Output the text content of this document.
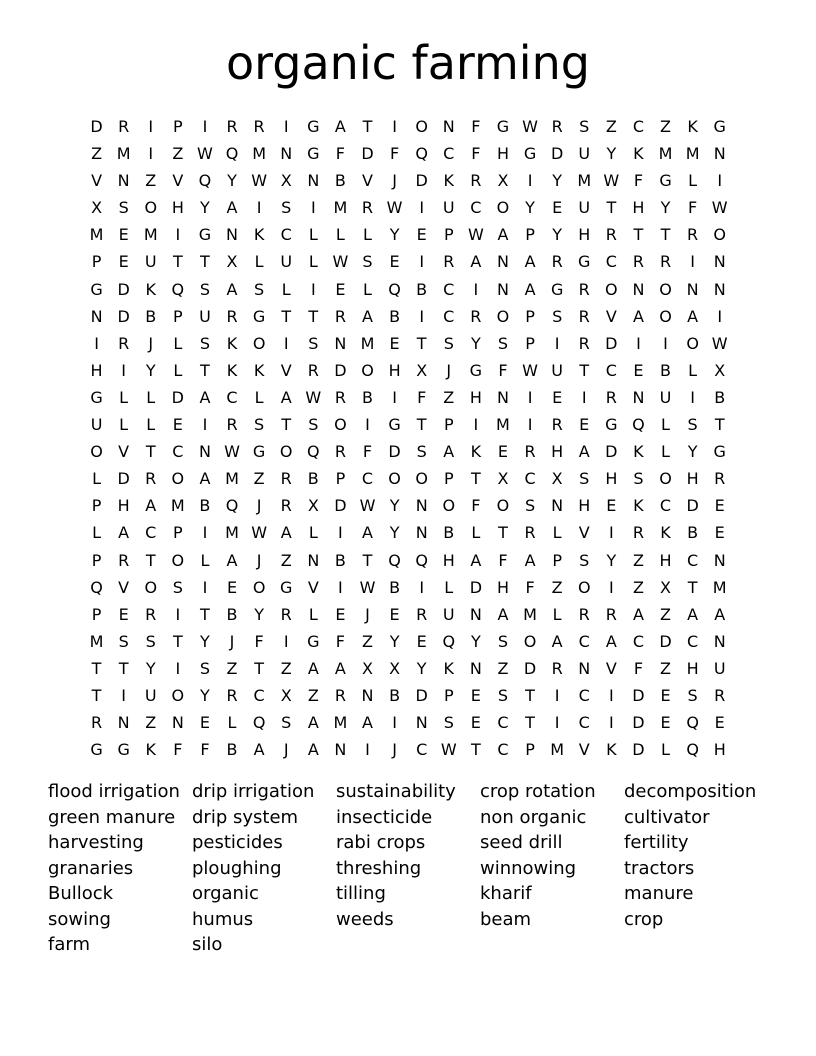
organic farming
D R	I	P	I	R R	I	G A	T	I	O N	F	G W R	S	Z	C	Z	K G
Z M	I	Z W Q M N G	F	D	F	Q C	F	H G D U	Y	K M M N
V N Z	V Q Y W X N B	V	J	D K	R	X	I	Y M W F	G	L	I
X	S O H	Y	A	I	S	I	M R W	I	U C O Y	E	U	T	H	Y	F W
M E M	I	G N K	C	L	L	L	Y	E	P W A	P	Y	H R	T	T	R O
P	E	U	T	T	X	L	U	L W S	E	I	R	A N A	R G C R R	I	N
G D K Q S	A	S	L	I	E	L	Q B	C	I	N A G R O N O N N
N D B	P	U R G	T	T	R	A	B	I	C R O P	S	R	V	A O A	I
I	R	J	L	S	K O	I	S	N M E	T	S	Y	S	P	I	R D	I	I	O W
H	I	Y	L	T	K	K	V	R D O H X	J	G	F W U	T	C	E	B	L	X
G	L	L	D A	C	L	A W R	B	I	F	Z H N	I	E	I	R N U	I	B
U	L	L	E	I	R	S	T	S O	I	G	T	P	I	M	I	R	E G Q	L	S	T
O V	T	C N W G O Q R	F	D S	A	K	E	R H A D K	L	Y	G
L	D R O A M Z	R	B	P	C O O P	T	X	C	X	S	H	S O H R
P	H A M B Q	J	R	X D W Y	N O	F	O S	N H	E	K	C D E
L	A	C	P	I	M W A	L	I	A	Y	N B	L	T	R	L	V	I	R	K	B	E
P	R	T O	L	A	J	Z N B	T Q Q H A	F	A	P	S	Y	Z H C N
Q V O S	I	E O G V	I	W B	I	L	D H	F	Z O	I	Z	X	T M
P	E	R	I	T	B	Y	R	L	E	J	E	R U N A M L	R R	A	Z	A	A
M S	S	T	Y	J	F	I	G	F	Z	Y	E Q Y	S O A	C	A	C D C N
T	T	Y	I	S	Z	T	Z	A	A	X	X	Y	K N Z D R N V	F	Z H U
T	I	U O Y	R C	X	Z	R N B D	P	E	S	T	I	C	I	D E	S	R
R N Z N	E	L	Q S	A M A	I	N	S	E	C	T	I	C	I	D E Q E
G G K	F	F	B	A	J	A N	I	J	C W T	C	P M V	K D	L	Q H
flood irrigation
green manure
harvesting
granaries
Bullock
sowing
farm
drip irrigation
drip system
pesticides
ploughing
organic
humus
silo
sustainability
insecticide
rabi crops
threshing
tilling
weeds
crop rotation
non organic
seed drill
winnowing
kharif
beam
decomposition
cultivator
fertility
tractors
manure
crop
